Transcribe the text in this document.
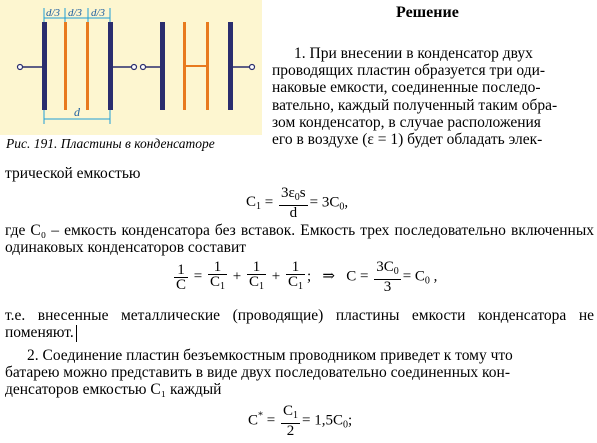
d/3 d/3 d/3
d
Рис. 191. Пластины в конденсаторе
Решение
1. При внесении в конденсатор двух
проводящих пластин образуется три оди-
наковые емкости, соединенные последо-
вательно, каждый полученный таким обра-
зом конденсатор, в случае расположения
его в воздухе (ε = 1) будет обладать элек-
трической емкостью
$C_1 = \frac{3\varepsilon_0s}{d} = 3C_0$,
где C₀ – емкость конденсатора без вставок. Емкость трех последовательно включенных одинаковых конденсаторов составит
$\frac{1}{C} = \frac{1}{C_1} + \frac{1}{C_1} + \frac{1}{C_1}$ ; ⇒ $C = \frac{3C_0}{3} = C_0$ ,
т.е. внесенные металлические (проводящие) пластины емкости конденсатора не поменяют.
2. Соединение пластин безъемкостным проводником приведет к тому что
батарею можно представить в виде двух последовательно соединенных кон-
денсаторов емкостью C₁ каждый
$C^* = \frac{C_1}{2} = 1,5C_0$;
